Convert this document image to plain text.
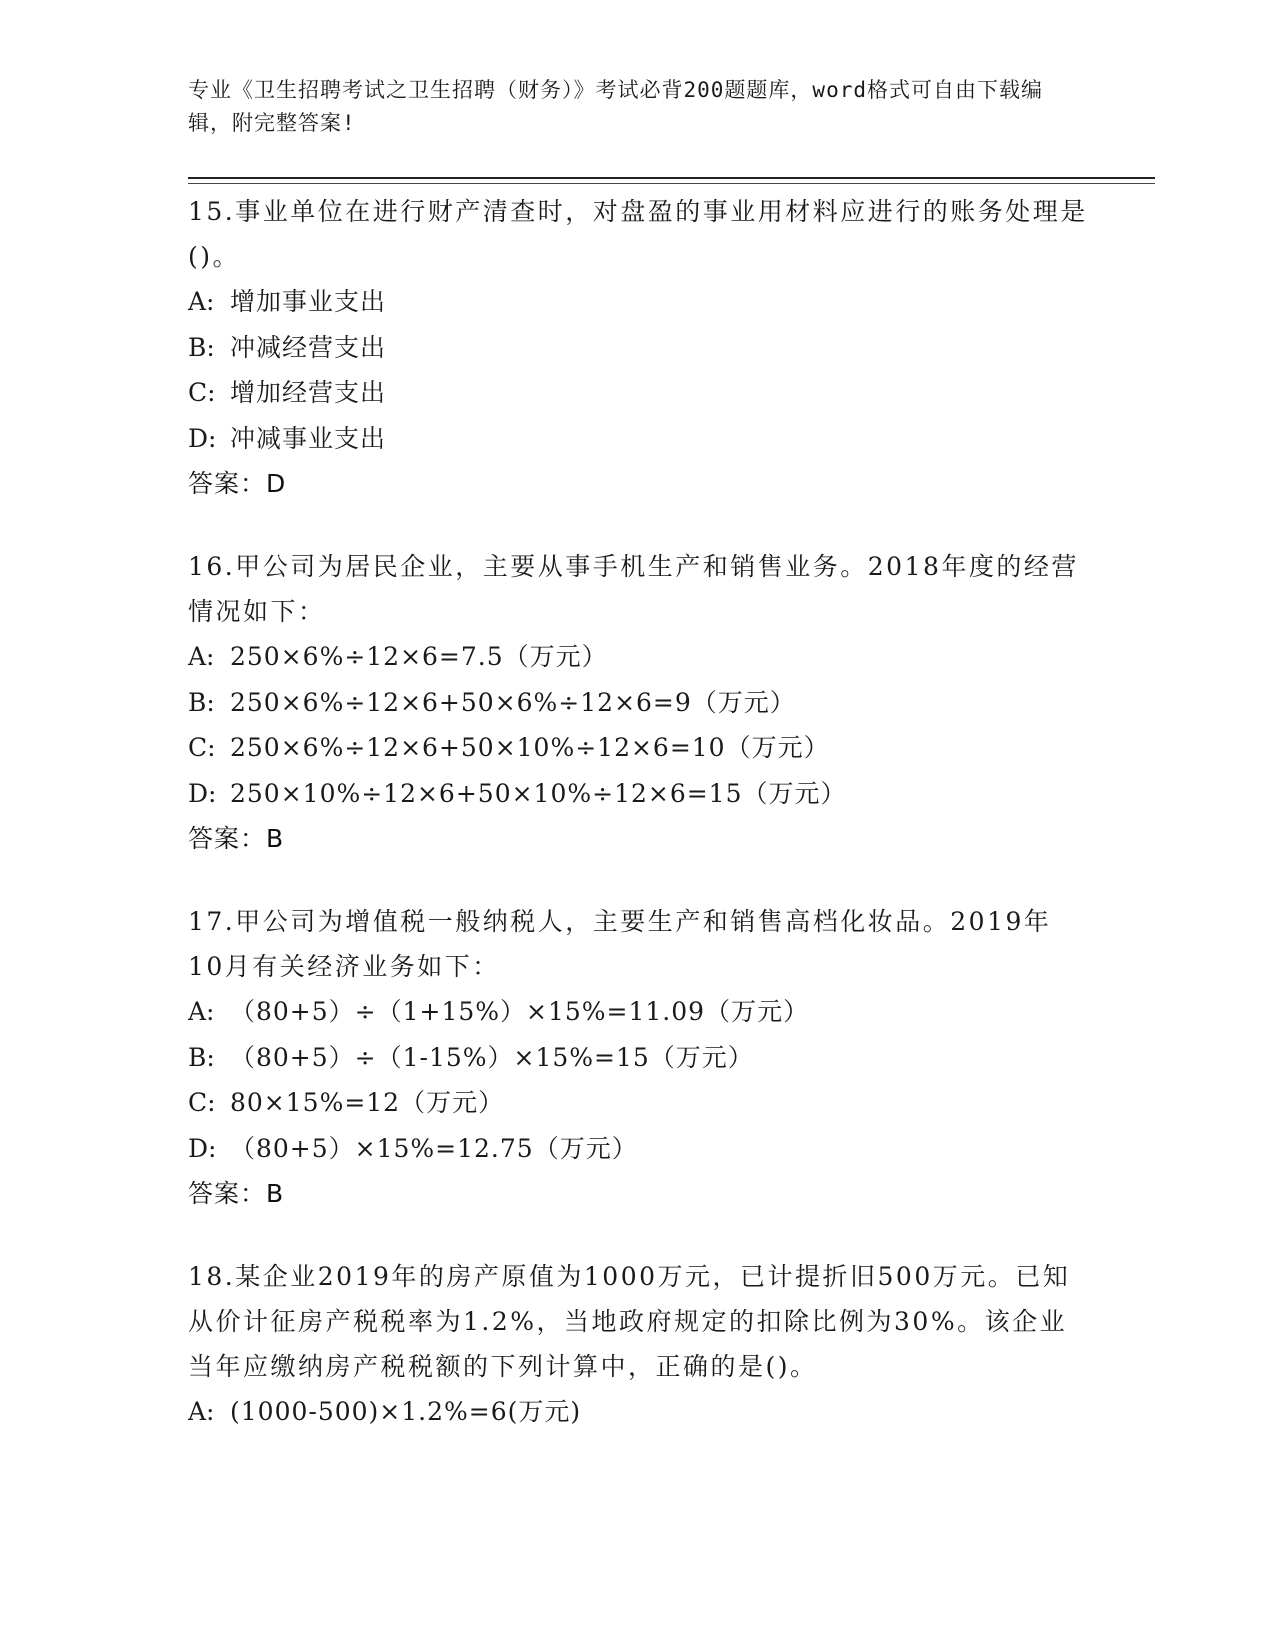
专业《卫生招聘考试之卫生招聘（财务）》考试必背200题题库，word格式可自由下载编辑，附完整答案!

15.事业单位在进行财产清查时，对盘盈的事业用材料应进行的账务处理是()。

A: 增加事业支出

B: 冲减经营支出

C: 增加经营支出

D: 冲减事业支出

答案：D

16.甲公司为居民企业，主要从事手机生产和销售业务。2018年度的经营情况如下：

A: 250×6%÷12×6=7.5（万元）

B: 250×6%÷12×6+50×6%÷12×6=9（万元）

C: 250×6%÷12×6+50×10%÷12×6=10（万元）

D: 250×10%÷12×6+50×10%÷12×6=15（万元）

答案：B

17.甲公司为增值税一般纳税人，主要生产和销售高档化妆品。2019年10月有关经济业务如下：

A: （80+5）÷（1+15%）×15%=11.09（万元）

B: （80+5）÷（1-15%）×15%=15（万元）

C: 80×15%=12（万元）

D: （80+5）×15%=12.75（万元）

答案：B

18.某企业2019年的房产原值为1000万元，已计提折旧500万元。已知从价计征房产税税率为1.2%，当地政府规定的扣除比例为30%。该企业当年应缴纳房产税税额的下列计算中，正确的是()。

A: (1000-500)×1.2%=6(万元)
